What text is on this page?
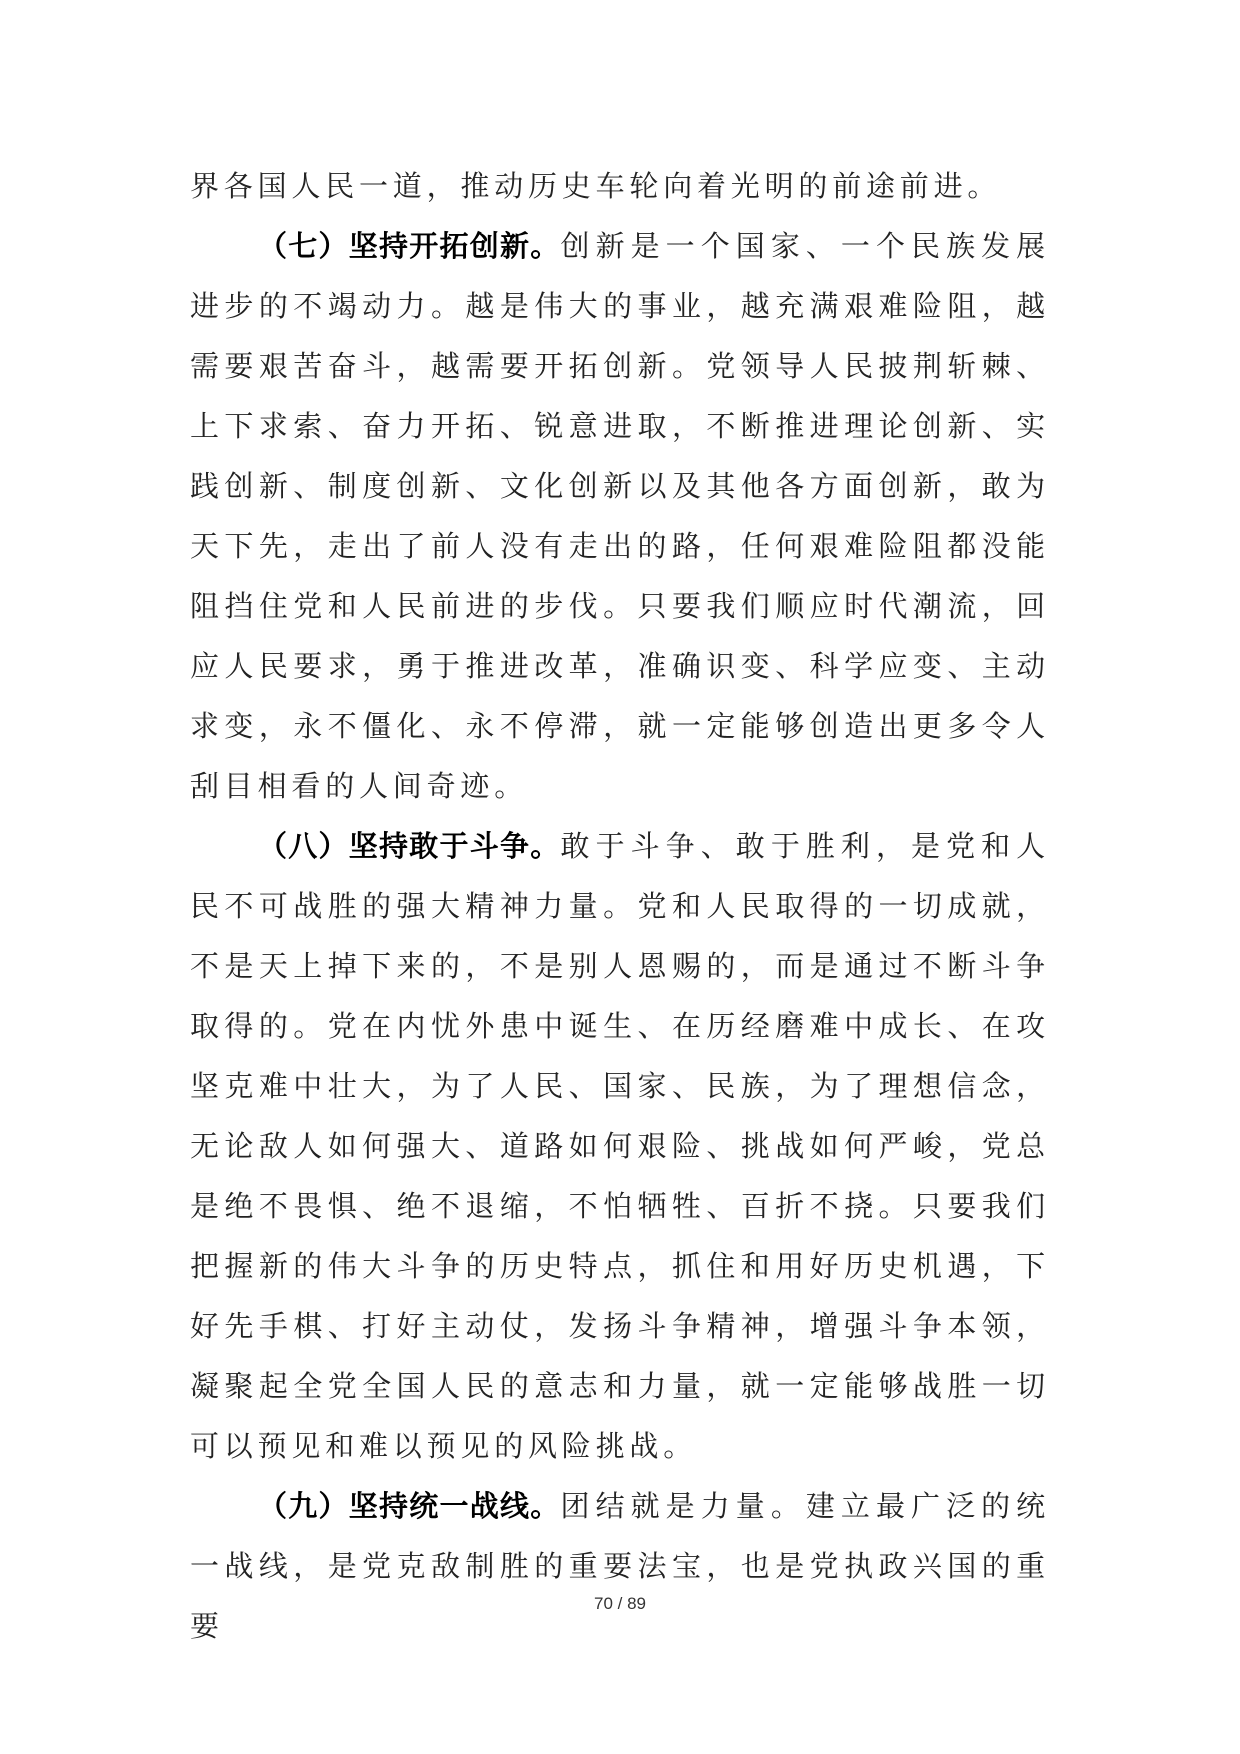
界各国人民一道，推动历史车轮向着光明的前途前进。

（七）坚持开拓创新。创新是一个国家、一个民族发展进步的不竭动力。越是伟大的事业，越充满艰难险阻，越需要艰苦奋斗，越需要开拓创新。党领导人民披荆斩棘、上下求索、奋力开拓、锐意进取，不断推进理论创新、实践创新、制度创新、文化创新以及其他各方面创新，敢为天下先，走出了前人没有走出的路，任何艰难险阻都没能阻挡住党和人民前进的步伐。只要我们顺应时代潮流，回应人民要求，勇于推进改革，准确识变、科学应变、主动求变，永不僵化、永不停滞，就一定能够创造出更多令人刮目相看的人间奇迹。

（八）坚持敢于斗争。敢于斗争、敢于胜利，是党和人民不可战胜的强大精神力量。党和人民取得的一切成就，不是天上掉下来的，不是别人恩赐的，而是通过不断斗争取得的。党在内忧外患中诞生、在历经磨难中成长、在攻坚克难中壮大，为了人民、国家、民族，为了理想信念，无论敌人如何强大、道路如何艰险、挑战如何严峻，党总是绝不畏惧、绝不退缩，不怕牺牲、百折不挠。只要我们把握新的伟大斗争的历史特点，抓住和用好历史机遇，下好先手棋、打好主动仗，发扬斗争精神，增强斗争本领，凝聚起全党全国人民的意志和力量，就一定能够战胜一切可以预见和难以预见的风险挑战。

（九）坚持统一战线。团结就是力量。建立最广泛的统一战线，是党克敌制胜的重要法宝，也是党执政兴国的重要

70 / 89
